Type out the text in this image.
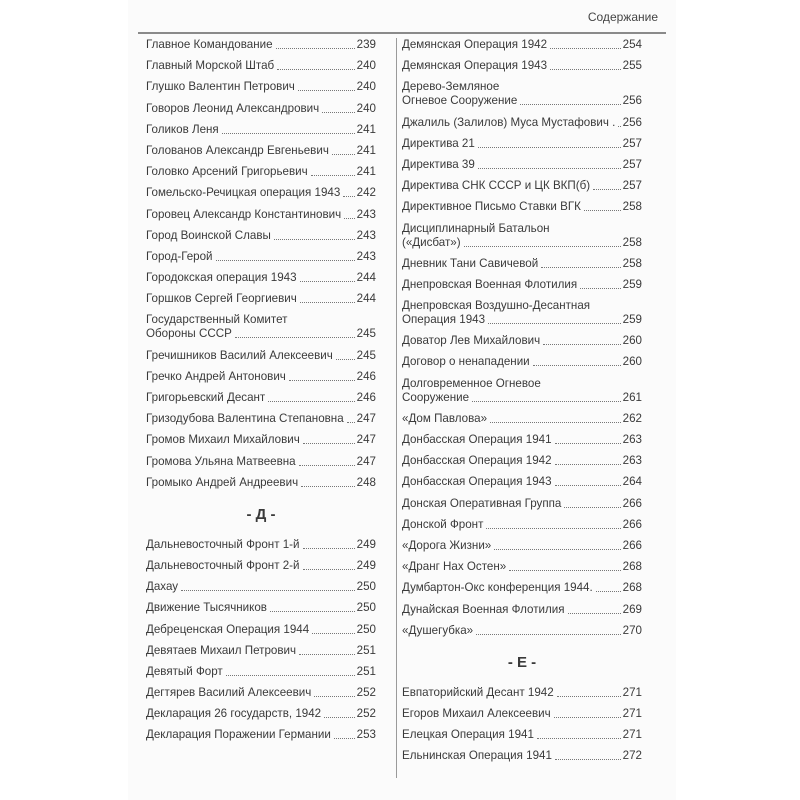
Содержание
Главное Командование	239
Главный Морской Штаб	240
Глушко Валентин Петрович	240
Говоров Леонид Александрович	240
Голиков Леня	241
Голованов Александр Евгеньевич 241
Головко Арсений Григорьевич	241
Гомельско-Речицкая операция 1943 242
Горовец Александр Константинович 243
Город Воинской Славы	243
Город-Герой	243
Городокская операция 1943	244
Горшков Сергей Георгиевич	244
Государственный Комитет
Обороны СССР	245
Гречишников Василий Алексеевич 245
Гречко Андрей Антонович	246
Григорьевский Десант	246
Гризодубова Валентина Степановна 247
Громов Михаил Михайлович	247
Громова Ульяна Матвеевна	247
Громыко Андрей Андреевич	248
- Д -
Дальневосточный Фронт 1-й	249
Дальневосточный Фронт 2-й	249
Дахау	250
Движение Тысячников	250
Дебреценская Операция 1944	250
Девятаев Михаил Петрович	251
Девятый Форт	251
Дегтярев Василий Алексеевич	252
Декларация 26 государств, 1942	252
Декларация Поражении Германии 253
Демянская Операция 1942	254
Демянская Операция 1943	255
Дерево-Земляное
Огневое Сооружение	256
Джалиль (Залилов) Муса Мустафович . 256
Директива 21	257
Директива 39	257
Директива СНК СССР и ЦК ВКП(б)	257
Директивное Письмо Ставки ВГК	258
Дисциплинарный Батальон
(«Дисбат»)	258
Дневник Тани Савичевой	258
Днепровская Военная Флотилия	259
Днепровская Воздушно-Десантная
Операция 1943	259
Доватор Лев Михайлович	260
Договор о ненападении	260
Долговременное Огневое
Сооружение	261
«Дом Павлова»	262
Донбасская Операция 1941	263
Донбасская Операция 1942	263
Донбасская Операция 1943	264
Донская Оперативная Группа	266
Донской Фронт	266
«Дорога Жизни»	266
«Дранг Нах Остен»	268
Думбартон-Окс конференция 1944.	268
Дунайская Военная Флотилия	269
«Душегубка»	270
- Е -
Евпаторийский Десант 1942	271
Егоров Михаил Алексеевич	271
Елецкая Операция 1941	271
Ельнинская Операция 1941	272
